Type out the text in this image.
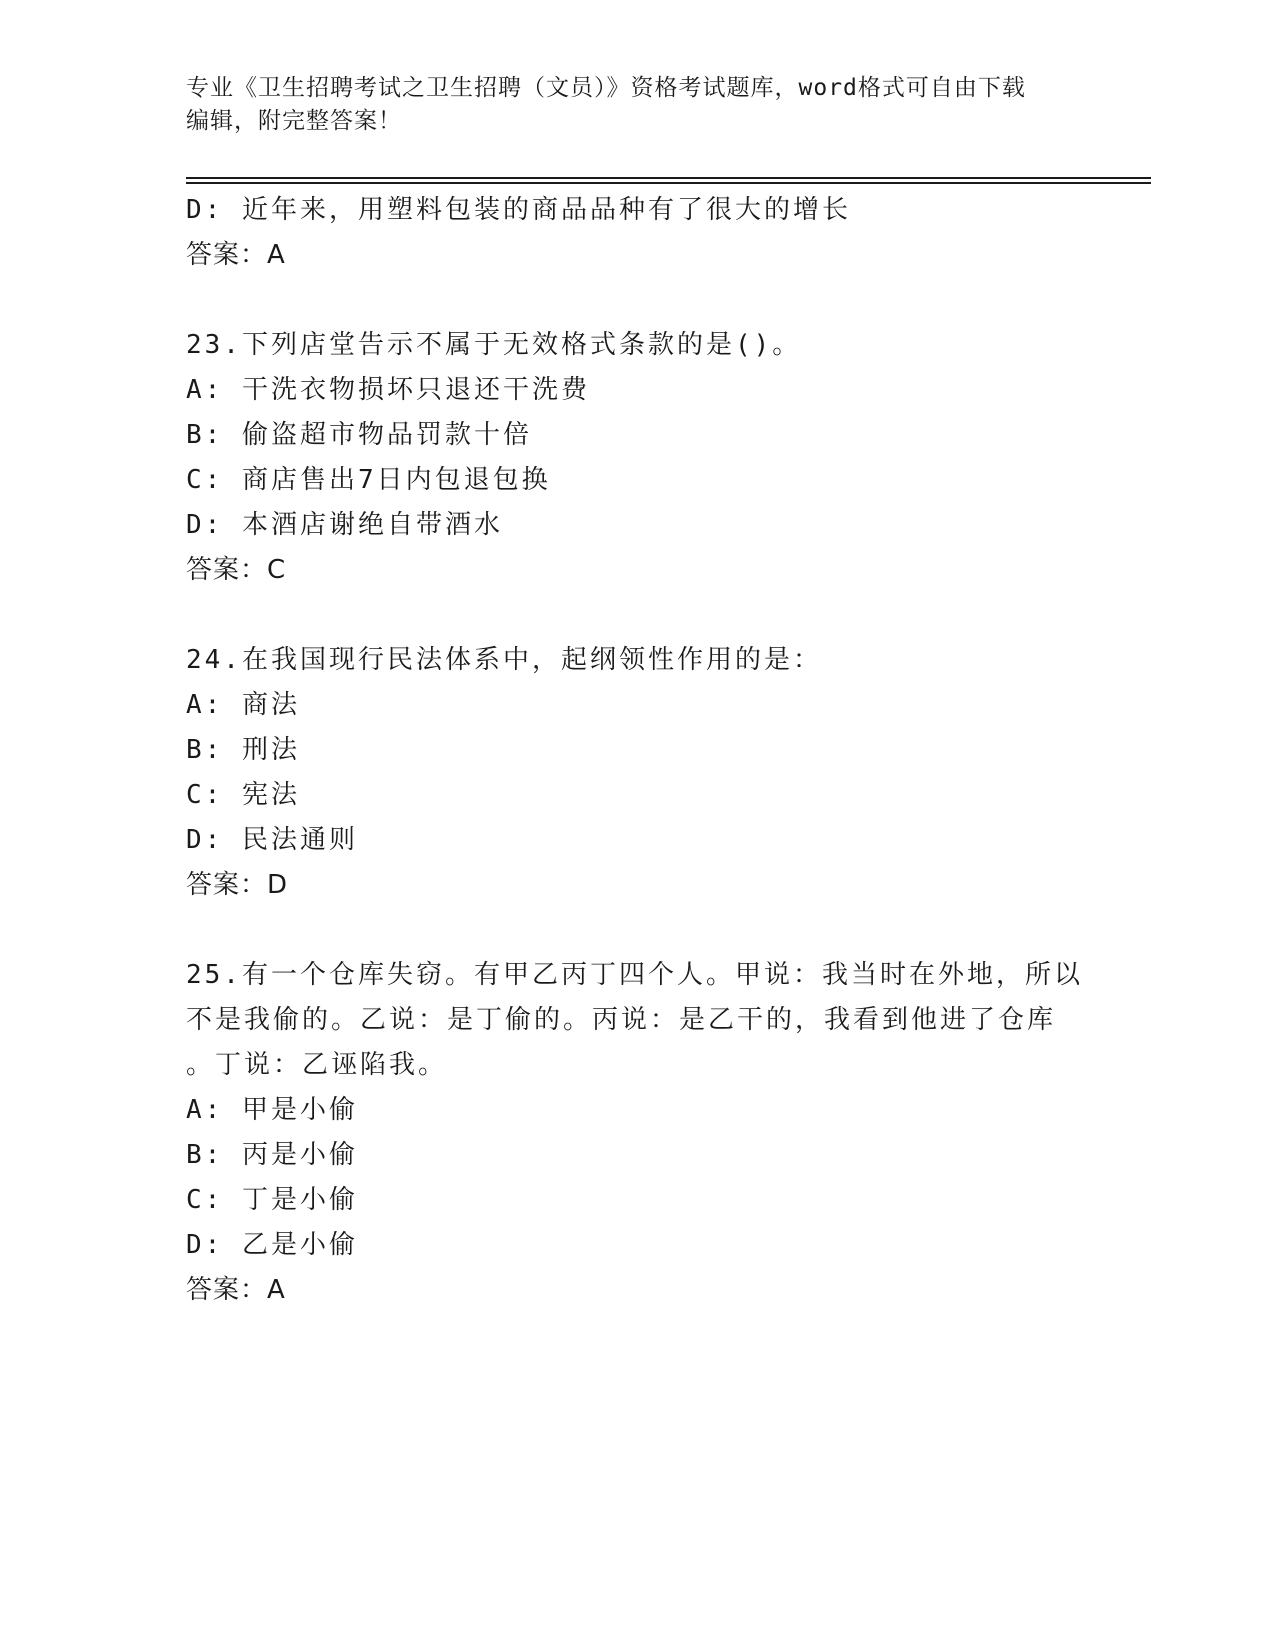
专业《卫生招聘考试之卫生招聘（文员）》资格考试题库，word格式可自由下载
编辑，附完整答案！
D: 近年来，用塑料包装的商品品种有了很大的增长
答案：A
23.下列店堂告示不属于无效格式条款的是()。
A: 干洗衣物损坏只退还干洗费
B: 偷盗超市物品罚款十倍
C: 商店售出7日内包退包换
D: 本酒店谢绝自带酒水
答案：C
24.在我国现行民法体系中，起纲领性作用的是：
A: 商法
B: 刑法
C: 宪法
D: 民法通则
答案：D
25.有一个仓库失窃。有甲乙丙丁四个人。甲说：我当时在外地，所以
不是我偷的。乙说：是丁偷的。丙说：是乙干的，我看到他进了仓库
。丁说：乙诬陷我。
A: 甲是小偷
B: 丙是小偷
C: 丁是小偷
D: 乙是小偷
答案：A
